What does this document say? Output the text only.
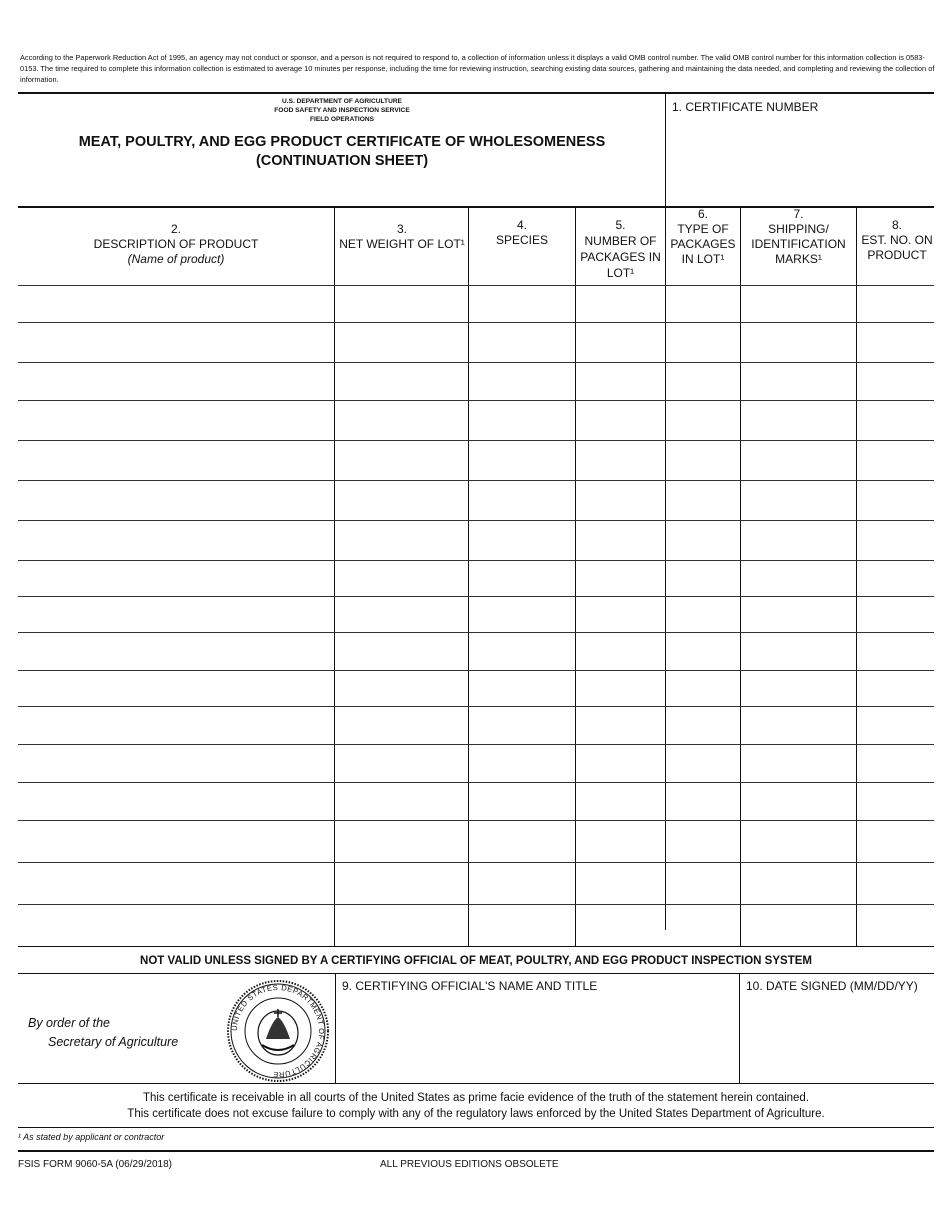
According to the Paperwork Reduction Act of 1995, an agency may not conduct or sponsor, and a person is not required to respond to, a collection of information unless it displays a valid OMB control number. The valid OMB control number for this information collection is 0583-0153. The time required to complete this information collection is estimated to average 10 minutes per response, including the time for reviewing instruction, searching existing data sources, gathering and maintaining the data needed, and completing and reviewing the collection of information.
U.S. DEPARTMENT OF AGRICULTURE
FOOD SAFETY AND INSPECTION SERVICE
FIELD OPERATIONS
MEAT, POULTRY, AND EGG PRODUCT CERTIFICATE OF WHOLESOMENESS
(CONTINUATION SHEET)
1. CERTIFICATE NUMBER
2.
DESCRIPTION OF PRODUCT
(Name of product)
3.
NET WEIGHT OF LOT¹
4.
SPECIES
5.
NUMBER OF PACKAGES IN LOT¹
6.
TYPE OF PACKAGES IN LOT¹
7.
SHIPPING/ IDENTIFICATION MARKS¹
8.
EST. NO. ON PRODUCT
NOT VALID UNLESS SIGNED BY A CERTIFYING OFFICIAL OF MEAT, POULTRY, AND EGG PRODUCT INSPECTION SYSTEM
By order of the
Secretary of Agriculture
UNITED STATES DEPARTMENT OF AGRICULTURE
9. CERTIFYING OFFICIAL'S NAME AND TITLE	10. DATE SIGNED (MM/DD/YY)
This certificate is receivable in all courts of the United States as prime facie evidence of the truth of the statement herein contained.
This certificate does not excuse failure to comply with any of the regulatory laws enforced by the United States Department of Agriculture.
¹ As stated by applicant or contractor
FSIS FORM 9060-5A (06/29/2018)	ALL PREVIOUS EDITIONS OBSOLETE
